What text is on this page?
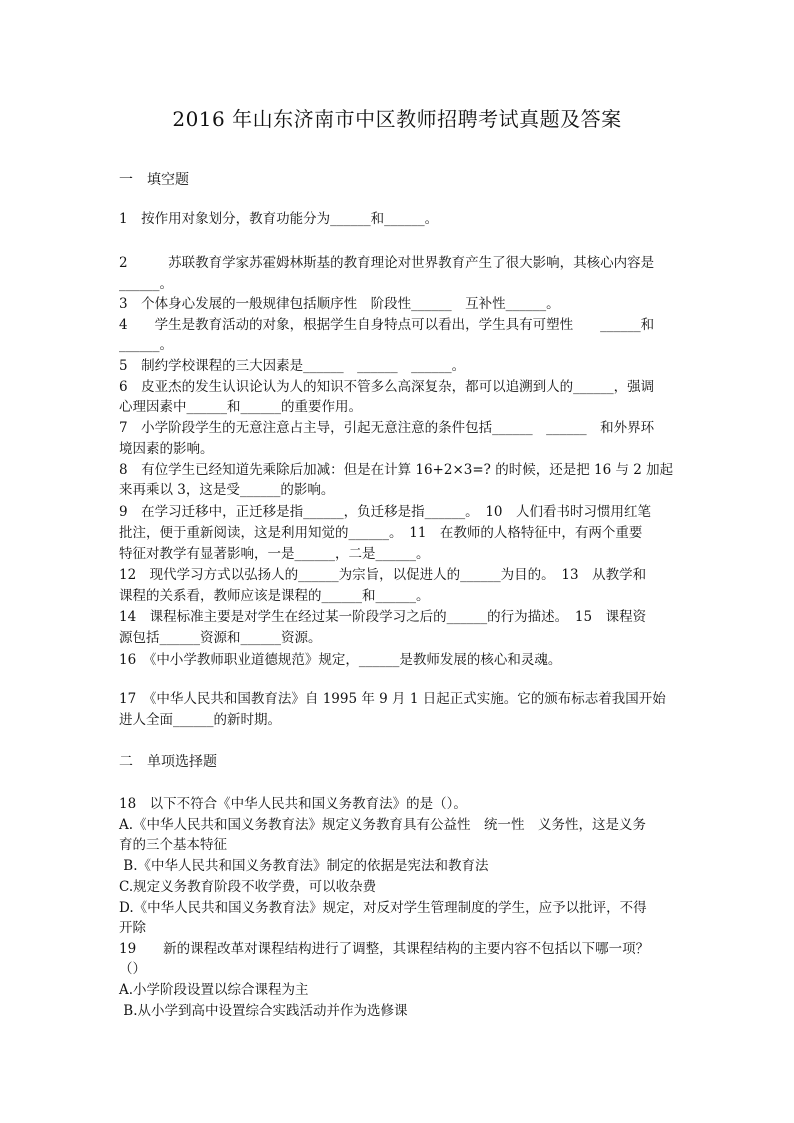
2016 年山东济南市中区教师招聘考试真题及答案
一　填空题
1　按作用对象划分，教育功能分为______和______。
2　　　苏联教育学家苏霍姆林斯基的教育理论对世界教育产生了很大影响，其核心内容是
______。
3　个体身心发展的一般规律包括顺序性　阶段性______　互补性______。
4　　学生是教育活动的对象，根据学生自身特点可以看出，学生具有可塑性　　______和
______。
5　制约学校课程的三大因素是______　______　______。
6　皮亚杰的发生认识论认为人的知识不管多么高深复杂，都可以追溯到人的______，强调
心理因素中______和______的重要作用。
7　小学阶段学生的无意注意占主导，引起无意注意的条件包括______　______　和外界环
境因素的影响。
8　有位学生已经知道先乘除后加减：但是在计算 16+2×3=? 的时候，还是把 16 与 2 加起
来再乘以 3，这是受______的影响。
9　在学习迁移中，正迁移是指______，负迁移是指______。　10　人们看书时习惯用红笔
批注，便于重新阅读，这是利用知觉的______。　11　在教师的人格特征中，有两个重要
特征对教学有显著影响，一是______，二是______。
12　现代学习方式以弘扬人的______为宗旨，以促进人的______为目的。　13　从教学和
课程的关系看，教师应该是课程的______和______。
14　课程标准主要是对学生在经过某一阶段学习之后的______的行为描述。　15　课程资
源包括______资源和______资源。
16　《中小学教师职业道德规范》规定，______是教师发展的核心和灵魂。
17　《中华人民共和国教育法》自 1995 年 9 月 1 日起正式实施。它的颁布标志着我国开始
进人全面______的新时期。
二　单项选择题
18　以下不符合《中华人民共和国义务教育法》的是（）。
A.《中华人民共和国义务教育法》规定义务教育具有公益性　统一性　义务性，这是义务
育的三个基本特征
B.《中华人民共和国义务教育法》制定的依据是宪法和教育法
C.规定义务教育阶段不收学费，可以收杂费
D.《中华人民共和国义务教育法》规定，对反对学生管理制度的学生，应予以批评，不得
开除
19　　新的课程改革对课程结构进行了调整，其课程结构的主要内容不包括以下哪一项？
（）
A.小学阶段设置以综合课程为主
B.从小学到高中设置综合实践活动并作为选修课
